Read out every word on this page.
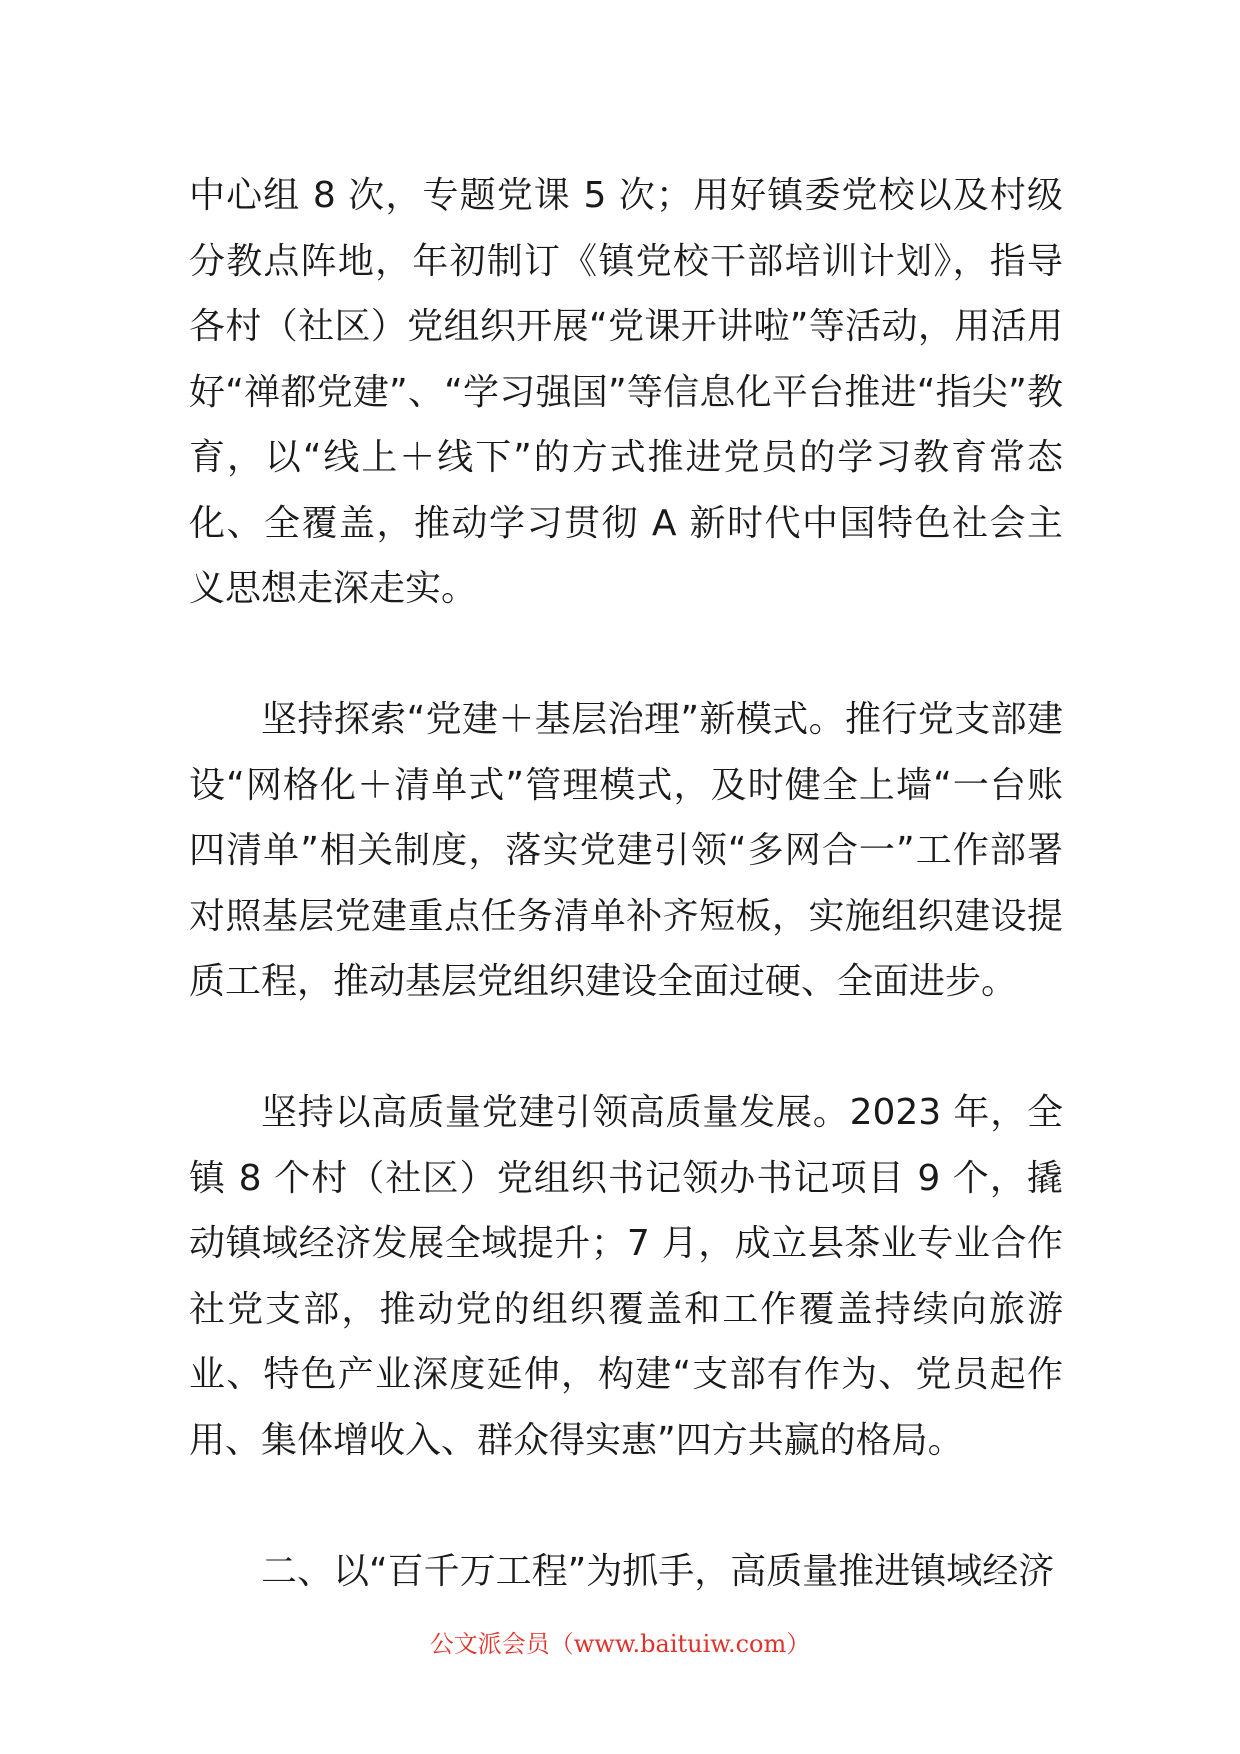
中心组 8 次，专题党课 5 次；用好镇委党校以及村级分教点阵地，年初制订《镇党校干部培训计划》，指导各村（社区）党组织开展“党课开讲啦”等活动，用活用好“禅都党建”、“学习强国”等信息化平台推进“指尖”教育，以“线上＋线下”的方式推进党员的学习教育常态化、全覆盖，推动学习贯彻 A 新时代中国特色社会主义思想走深走实。

坚持探索“党建＋基层治理”新模式。推行党支部建设“网格化＋清单式”管理模式，及时健全上墙“一台账四清单”相关制度，落实党建引领“多网合一”工作部署对照基层党建重点任务清单补齐短板，实施组织建设提质工程，推动基层党组织建设全面过硬、全面进步。

坚持以高质量党建引领高质量发展。2023 年，全镇 8 个村（社区）党组织书记领办书记项目 9 个，撬动镇域经济发展全域提升；7 月，成立县茶业专业合作社党支部，推动党的组织覆盖和工作覆盖持续向旅游业、特色产业深度延伸，构建“支部有作为、党员起作用、集体增收入、群众得实惠”四方共赢的格局。

二、以“百千万工程”为抓手，高质量推进镇域经济

公文派会员（www.baituiw.com）
